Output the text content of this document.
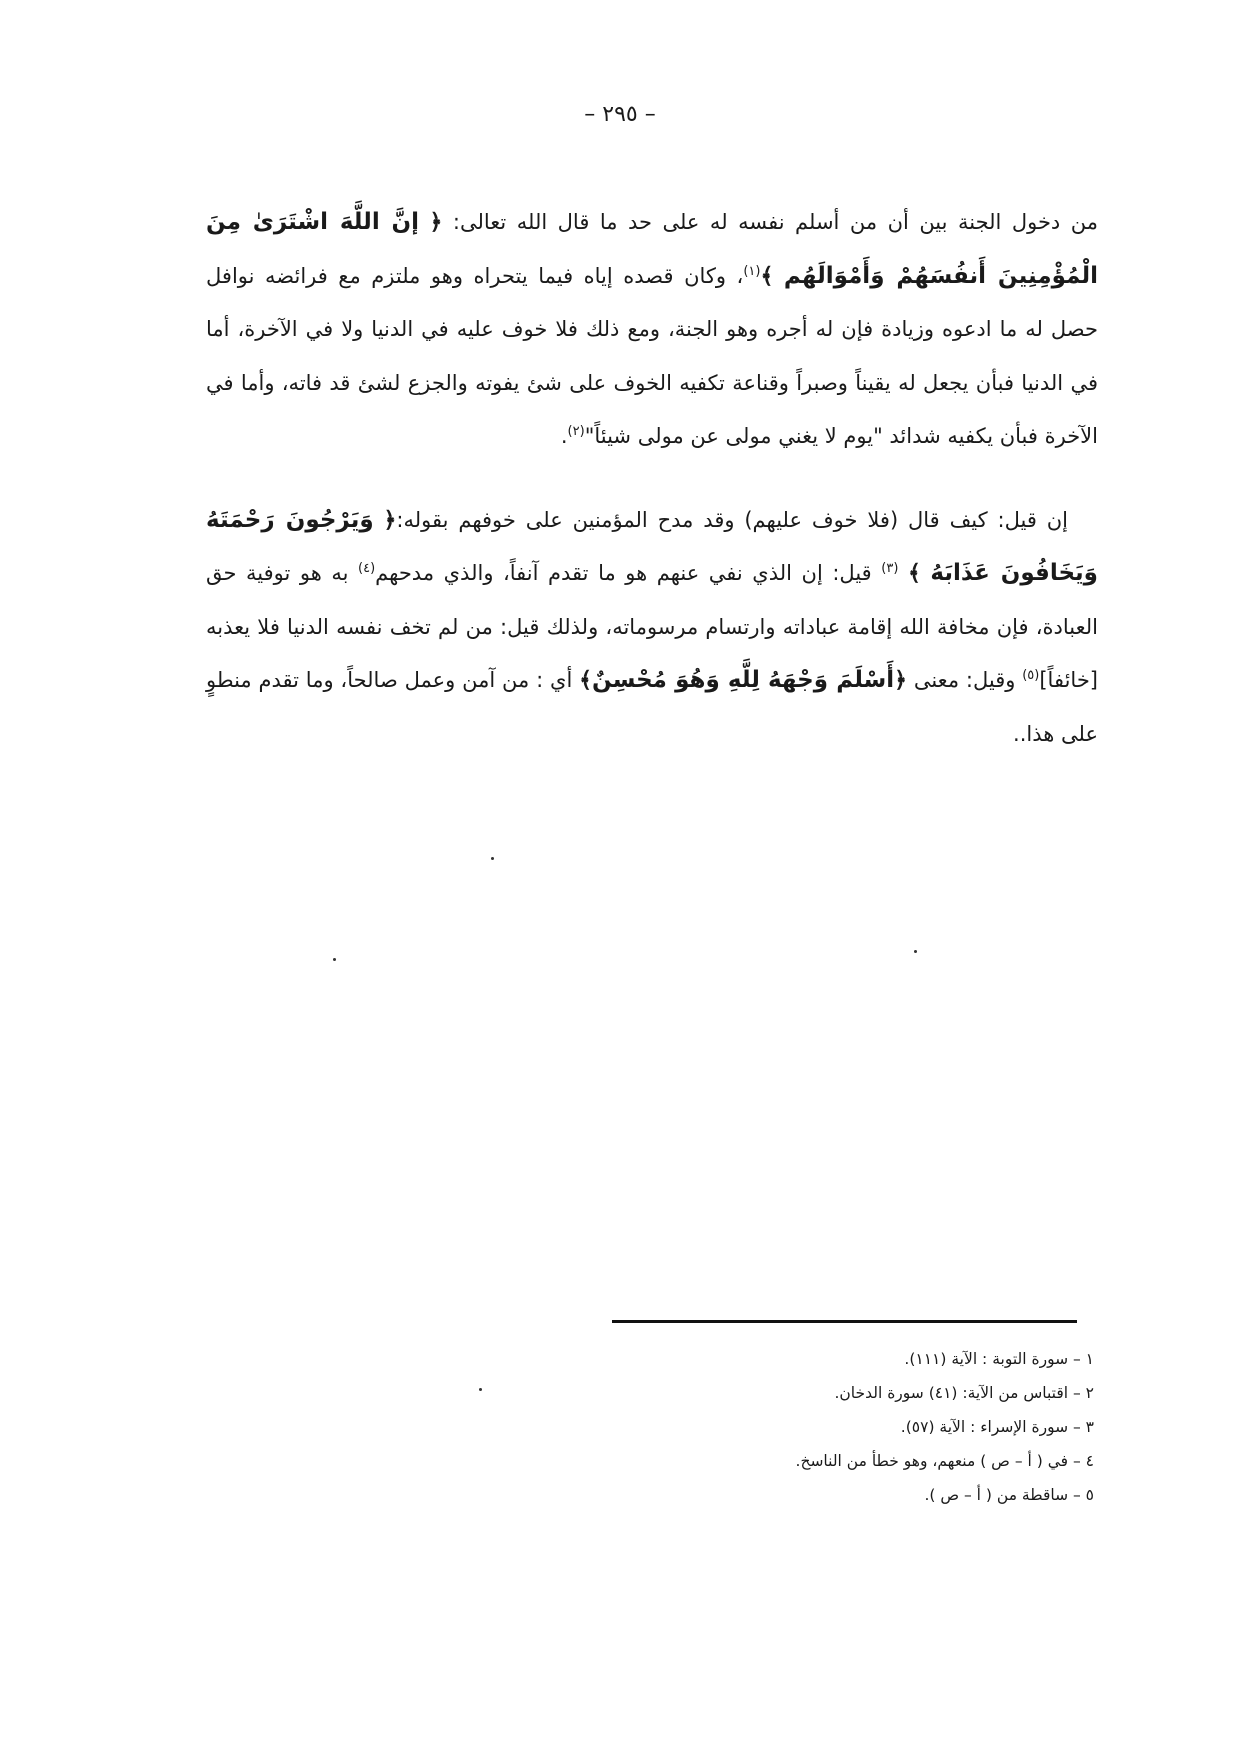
– ٢٩٥ –

من دخول الجنة بين أن من أسلم نفسه له على حد ما قال الله تعالى: ﴿ إنَّ اللَّهَ اشْتَرَىٰ مِنَ الْمُؤْمِنِينَ أَنفُسَهُمْ وَأَمْوَالَهُم ﴾$^{(١)}$، وكان قصده إياه فيما يتحراه وهو ملتزم مع فرائضه نوافل حصل له ما ادعوه وزيادة فإن له أجره وهو الجنة، ومع ذلك فلا خوف عليه في الدنيا ولا في الآخرة، أما في الدنيا فبأن يجعل له يقيناً وصبراً وقناعة تكفيه الخوف على شئ يفوته والجزع لشئ قد فاته، وأما في الآخرة فبأن يكفيه شدائد "يوم لا يغني مولى عن مولى شيئاً"$^{(٢)}$.

إن قيل: كيف قال (فلا خوف عليهم) وقد مدح المؤمنين على خوفهم بقوله:﴿ وَيَرْجُونَ رَحْمَتَهُ وَيَخَافُونَ عَذَابَهُ ﴾ $^{(٣)}$ قيل: إن الذي نفي عنهم هو ما تقدم آنفاً، والذي مدحهم$^{(٤)}$ به هو توفية حق العبادة، فإن مخافة الله إقامة عباداته وارتسام مرسوماته، ولذلك قيل: من لم تخف نفسه الدنيا فلا يعذبه [خائفاً]$^{(٥)}$ وقيل: معنى ﴿أَسْلَمَ وَجْهَهُ لِلَّهِ وَهُوَ مُحْسِنٌ﴾ أي : من آمن وعمل صالحاً، وما تقدم منطوٍ على هذا..

١ – سورة التوبة : الآية (١١١).
٢ – اقتباس من الآية: (٤١) سورة الدخان.
٣ – سورة الإسراء : الآية (٥٧).
٤ – في ( أ – ص ) منعهم، وهو خطأ من الناسخ.
٥ – ساقطة من ( أ – ص ).
